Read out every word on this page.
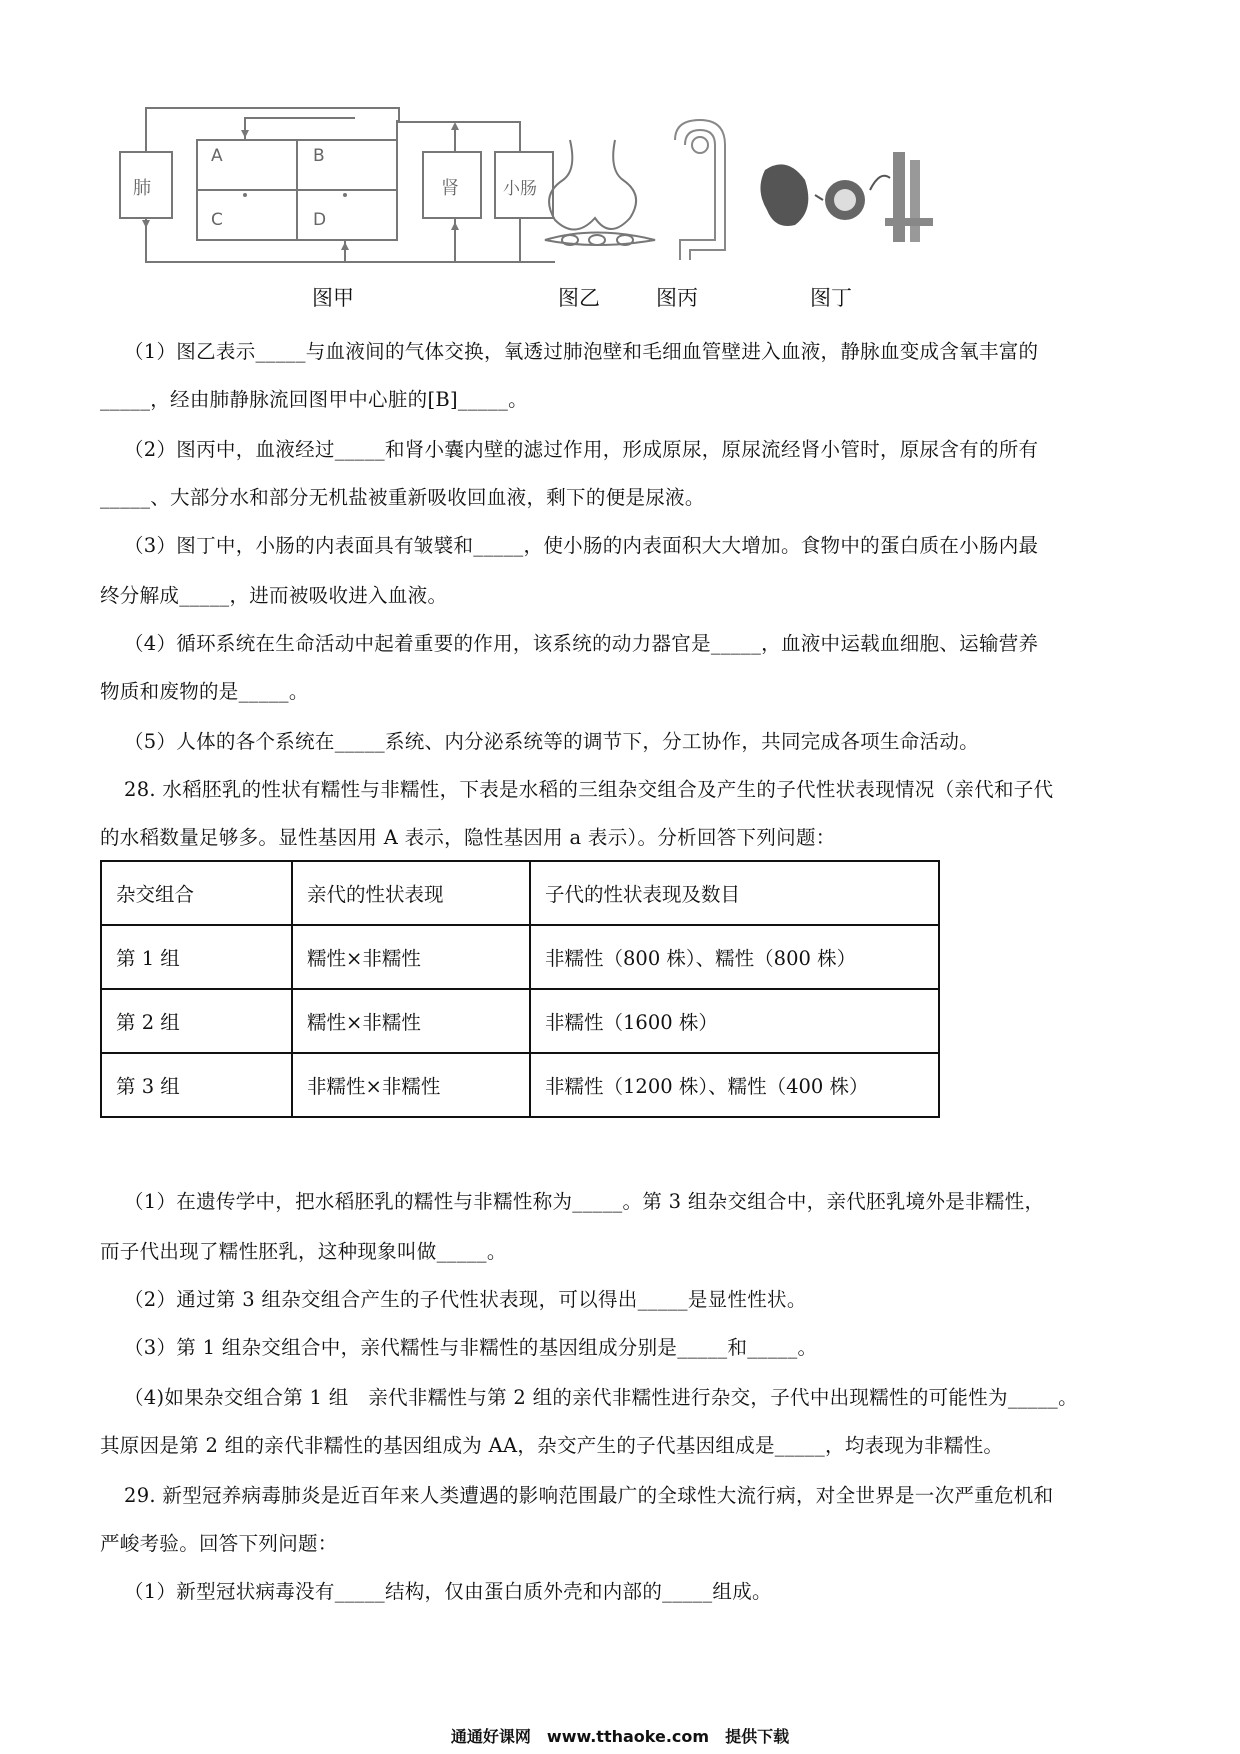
A	B
C	D
肺	肾	小肠
图甲	图乙	图丙	图丁
（1）图乙表示_____与血液间的气体交换，氧透过肺泡壁和毛细血管壁进入血液，静脉血变成含氧丰富的
_____，经由肺静脉流回图甲中心脏的[B]_____。
（2）图丙中，血液经过_____和肾小囊内壁的滤过作用，形成原尿，原尿流经肾小管时，原尿含有的所有
_____、大部分水和部分无机盐被重新吸收回血液，剩下的便是尿液。
（3）图丁中，小肠的内表面具有皱襞和_____，使小肠的内表面积大大增加。食物中的蛋白质在小肠内最
终分解成_____，进而被吸收进入血液。
（4）循环系统在生命活动中起着重要的作用，该系统的动力器官是_____，血液中运载血细胞、运输营养
物质和废物的是_____。
（5）人体的各个系统在_____系统、内分泌系统等的调节下，分工协作，共同完成各项生命活动。
28. 水稻胚乳的性状有糯性与非糯性，下表是水稻的三组杂交组合及产生的子代性状表现情况（亲代和子代
的水稻数量足够多。显性基因用 A 表示，隐性基因用 a 表示）。分析回答下列问题：
杂交组合	亲代的性状表现	子代的性状表现及数目
第 1 组	糯性×非糯性	非糯性（800 株）、糯性（800 株）
第 2 组	糯性×非糯性	非糯性（1600 株）
第 3 组	非糯性×非糯性	非糯性（1200 株）、糯性（400 株）
（1）在遗传学中，把水稻胚乳的糯性与非糯性称为_____。第 3 组杂交组合中，亲代胚乳境外是非糯性，
而子代出现了糯性胚乳，这种现象叫做_____。
（2）通过第 3 组杂交组合产生的子代性状表现，可以得出_____是显性性状。
（3）第 1 组杂交组合中，亲代糯性与非糯性的基因组成分别是_____和_____。
（4)如果杂交组合第 1 组　亲代非糯性与第 2 组的亲代非糯性进行杂交，子代中出现糯性的可能性为_____。
其原因是第 2 组的亲代非糯性的基因组成为 AA，杂交产生的子代基因组成是_____，均表现为非糯性。
29. 新型冠养病毒肺炎是近百年来人类遭遇的影响范围最广的全球性大流行病，对全世界是一次严重危机和
严峻考验。回答下列问题：
（1）新型冠状病毒没有_____结构，仅由蛋白质外壳和内部的_____组成。
通通好课网　www.tthaoke.com　提供下载
